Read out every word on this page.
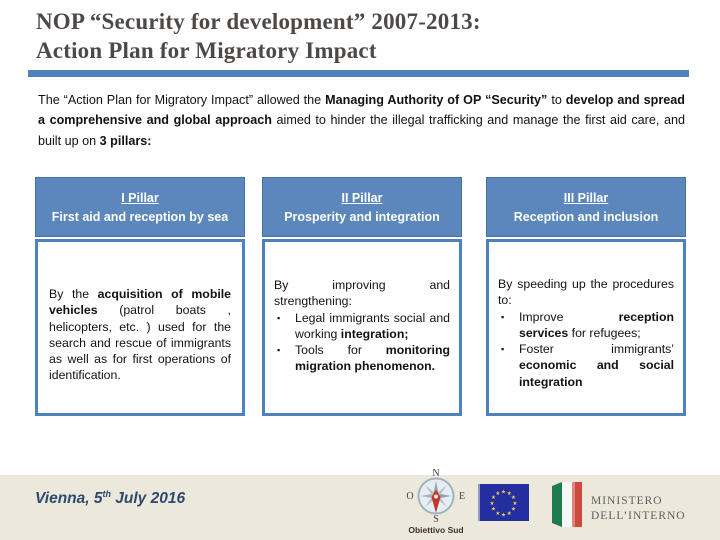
NOP “Security for development” 2007-2013:
Action Plan for Migratory Impact
The “Action Plan for Migratory Impact” allowed the Managing Authority of OP “Security” to develop and spread a comprehensive and global approach aimed to hinder the illegal trafficking and manage the first aid care, and built up on 3 pillars:
I Pillar
First aid and reception by sea
By the acquisition of mobile vehicles (patrol boats , helicopters, etc. ) used for the search and rescue of immigrants as well as for first operations of identification.
II Pillar
Prosperity and integration
By improving and strengthening:
▪	Legal immigrants social and working integration;
▪	Tools for monitoring migration phenomenon.
III Pillar
Reception and inclusion
By speeding up the procedures to:
▪	Improve reception services for refugees;
▪	Foster immigrants’ economic and social integration
Vienna, 5th July 2016
N
O	E
S
Obiettivo Sud
★ ★
★
★
★
★
★
★
★
★
★
★
MINISTERO
DELL’INTERNO
